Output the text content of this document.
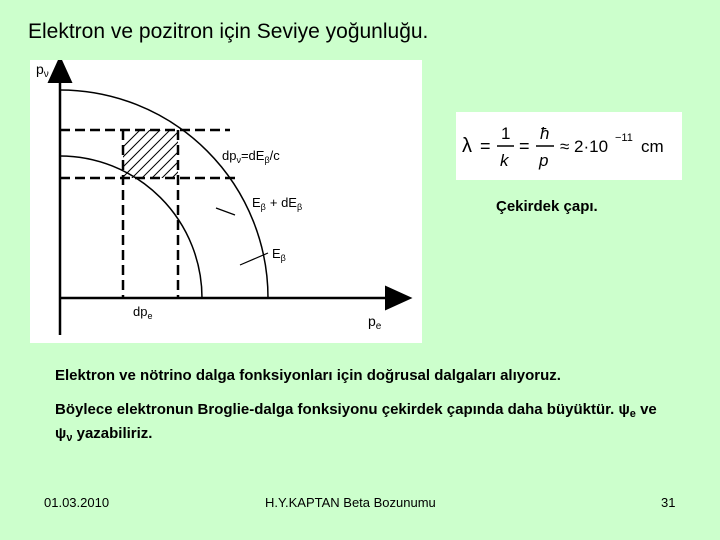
Elektron ve pozitron için Seviye yoğunluğu.
$p_\nu$
$p_e$
$dp_\nu=dE_\beta/c$
$E_\beta + dE_\beta$
$E_\beta$
$dp_e$
λ =
1
k
=
ħ
p
≈ 2·10 −11 cm
Çekirdek çapı.
Elektron ve nötrino dalga fonksiyonları için doğrusal dalgaları alıyoruz.
Böylece elektronun Broglie-dalga fonksiyonu çekirdek çapında daha büyüktür. $\psi_e$ ve $\psi_\nu$ yazabiliriz.
01.03.2010	H.Y.KAPTAN Beta Bozunumu	31
